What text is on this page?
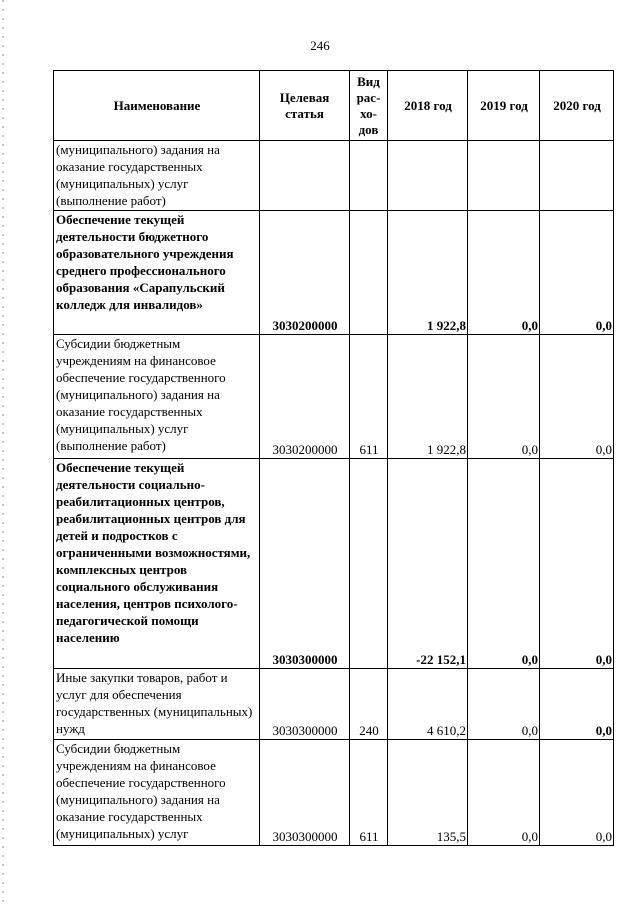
246
Наименование	Целевая статья	Вид рас- хо- дов	2018 год	2019 год	2020 год
(муниципального) задания на оказание государственных (муниципальных) услуг (выполнение работ)					
Обеспечение текущей деятельности бюджетного образовательного учреждения среднего профессионального образования «Сарапульский колледж для инвалидов»	3030200000		1 922,8	0,0	0,0
Субсидии бюджетным учреждениям на финансовое обеспечение государственного (муниципального) задания на оказание государственных (муниципальных) услуг (выполнение работ)	3030200000	611	1 922,8	0,0	0,0
Обеспечение текущей деятельности социально-реабилитационных центров, реабилитационных центров для детей и подростков с ограниченными возможностями, комплексных центров социального обслуживания населения, центров психолого-педагогической помощи населению	3030300000		-22 152,1	0,0	0,0
Иные закупки товаров, работ и услуг для обеспечения государственных (муниципальных) нужд	3030300000	240	4 610,2	0,0	0,0
Субсидии бюджетным учреждениям на финансовое обеспечение государственного (муниципального) задания на оказание государственных (муниципальных) услуг	3030300000	611	135,5	0,0	0,0
